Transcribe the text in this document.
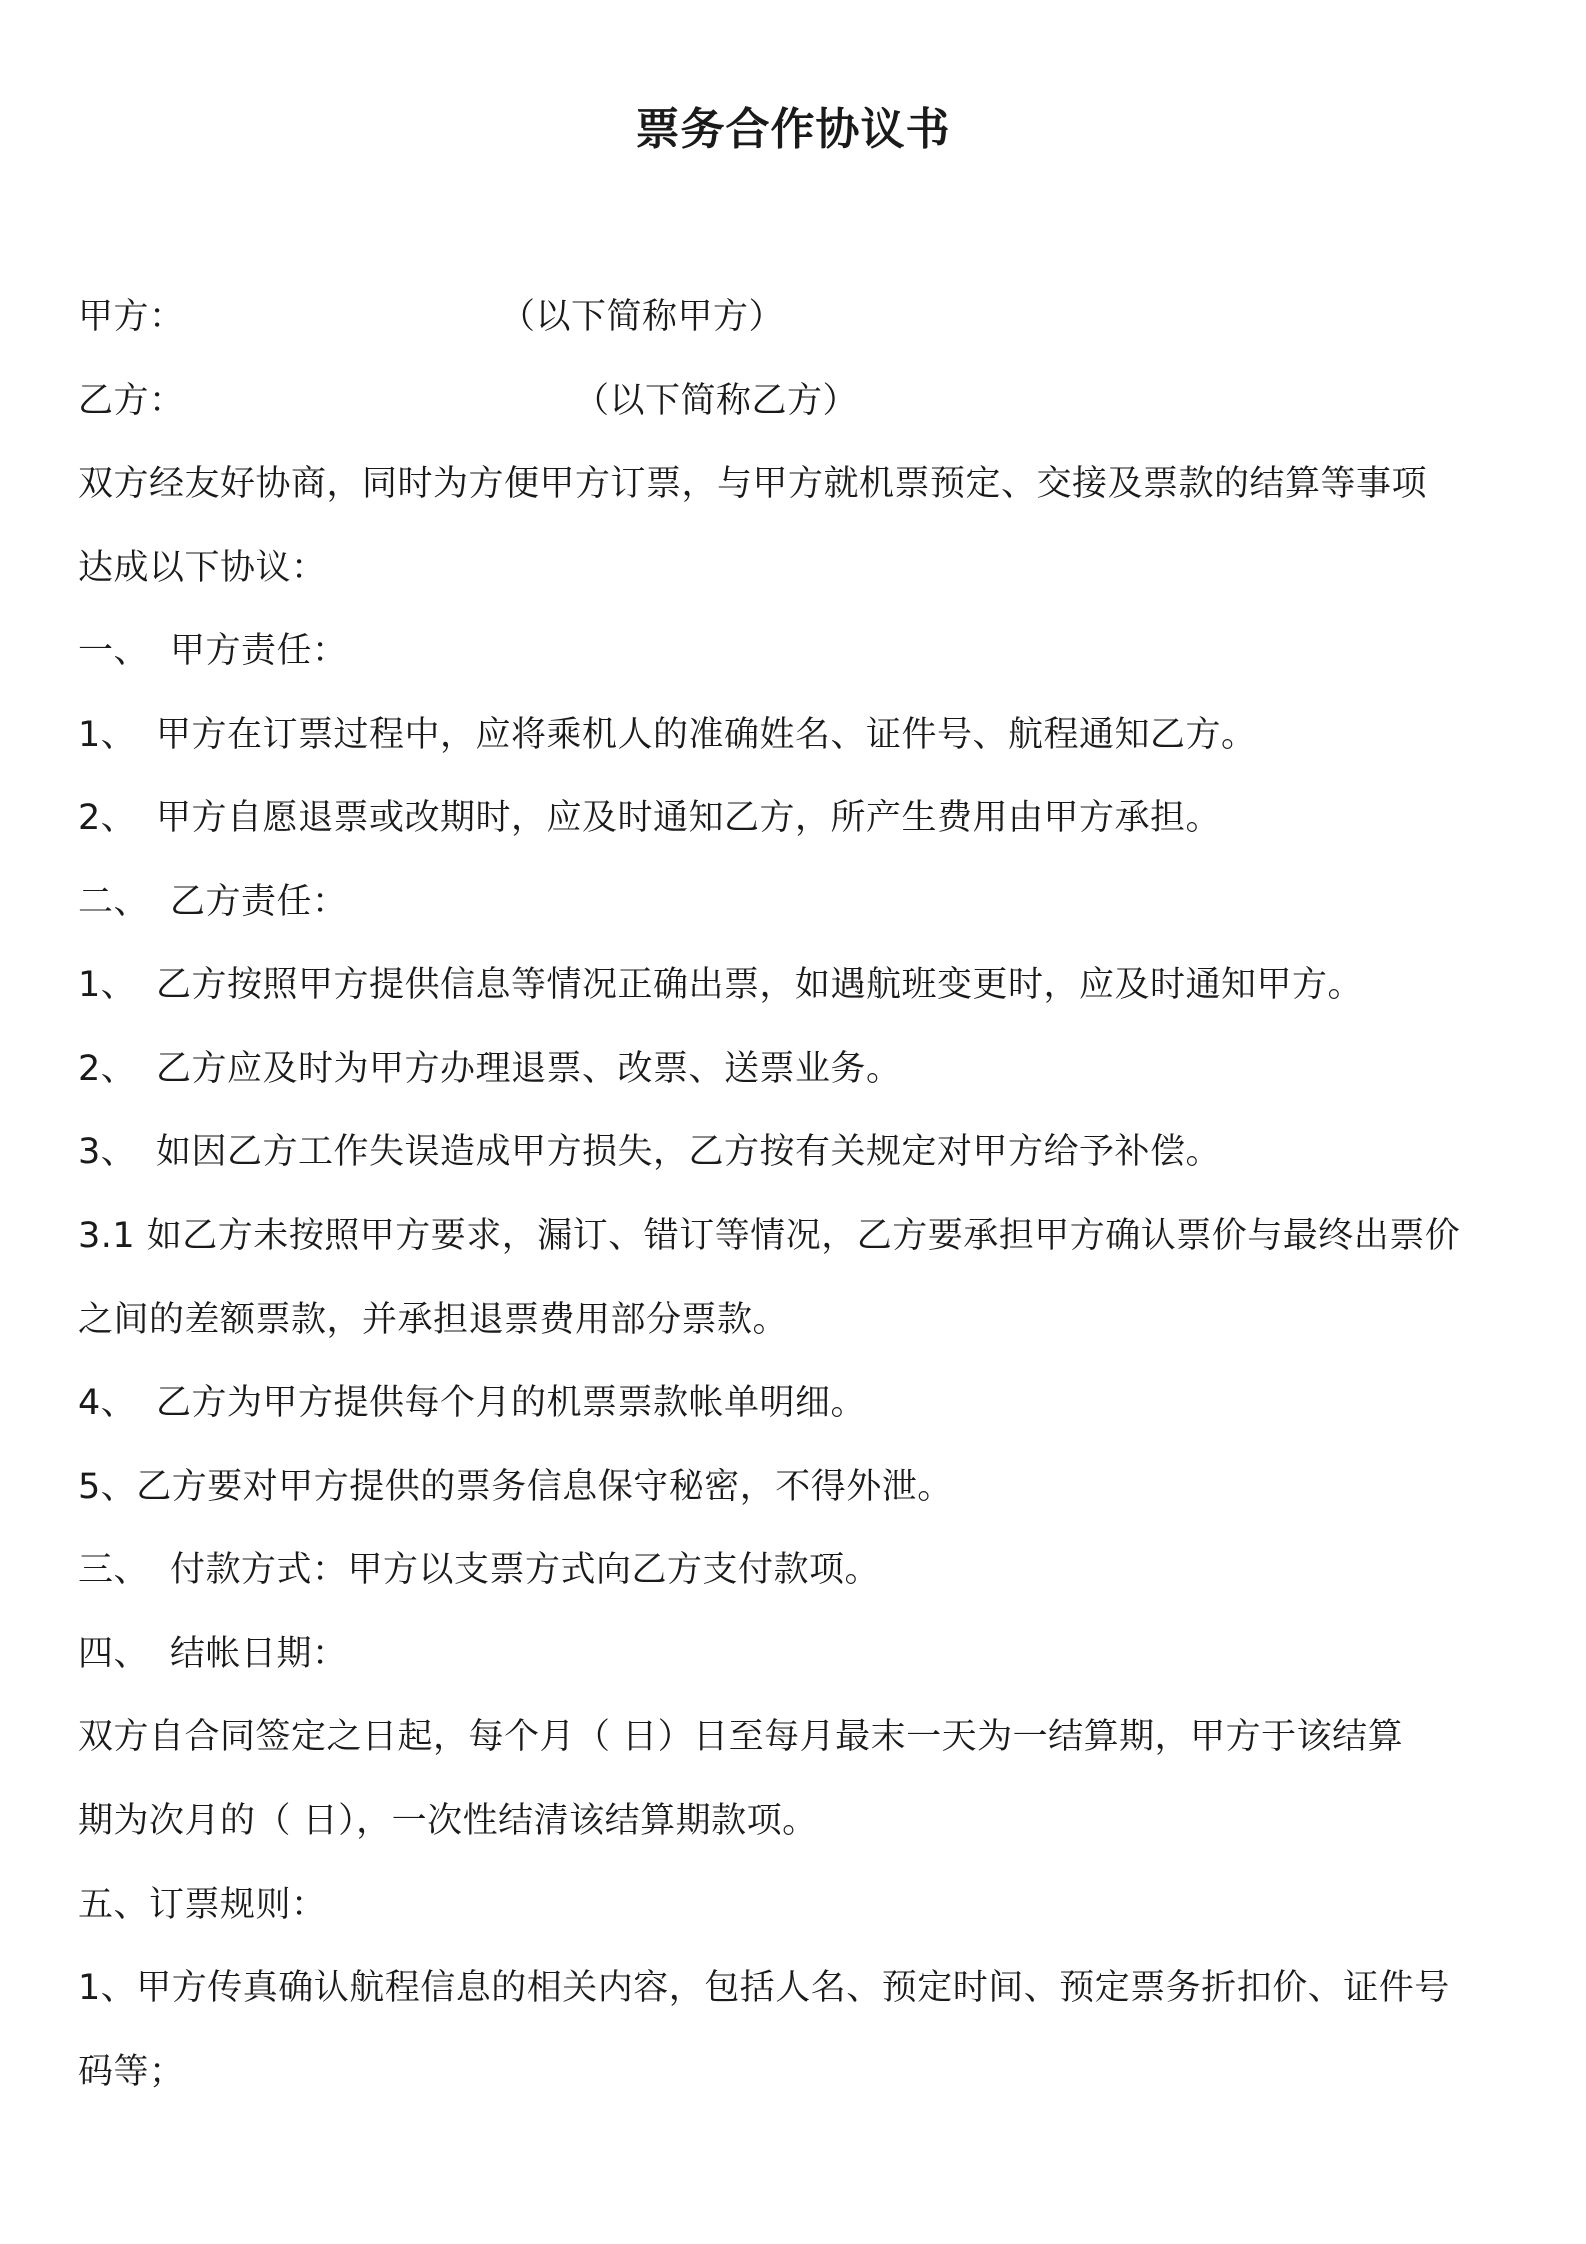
票务合作协议书
甲方：	（以下简称甲方）
乙方：	（以下简称乙方）
双方经友好协商，同时为方便甲方订票，与甲方就机票预定、交接及票款的结算等事项
达成以下协议：
一、 甲方责任：
1、 甲方在订票过程中，应将乘机人的准确姓名、证件号、航程通知乙方。
2、 甲方自愿退票或改期时，应及时通知乙方，所产生费用由甲方承担。
二、 乙方责任：
1、 乙方按照甲方提供信息等情况正确出票，如遇航班变更时，应及时通知甲方。
2、 乙方应及时为甲方办理退票、改票、送票业务。
3、 如因乙方工作失误造成甲方损失，乙方按有关规定对甲方给予补偿。
3.1 如乙方未按照甲方要求，漏订、错订等情况，乙方要承担甲方确认票价与最终出票价
之间的差额票款，并承担退票费用部分票款。
4、 乙方为甲方提供每个月的机票票款帐单明细。
5、乙方要对甲方提供的票务信息保守秘密，不得外泄。
三、 付款方式：甲方以支票方式向乙方支付款项。
四、 结帐日期：
双方自合同签定之日起，每个月（ 日）日至每月最末一天为一结算期，甲方于该结算
期为次月的（ 日），一次性结清该结算期款项。
五、订票规则：
1、甲方传真确认航程信息的相关内容，包括人名、预定时间、预定票务折扣价、证件号
码等；
